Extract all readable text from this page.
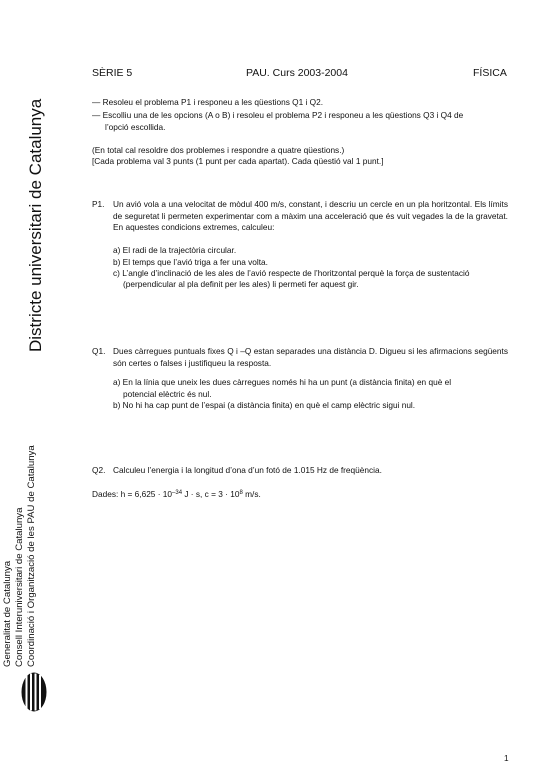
SÈRIE 5	PAU. Curs 2003-2004	FÍSICA
Districte universitari de Catalunya
Generalitat de Catalunya Consell Interuniversitari de Catalunya Coordinació i Organització de les PAU de Catalunya
— Resoleu el problema P1 i responeu a les qüestions Q1 i Q2.
— Escolliu una de les opcions (A o B) i resoleu el problema P2 i responeu a les qüestions Q3 i Q4 de
l’opció escollida.
(En total cal resoldre dos problemes i respondre a quatre qüestions.)
[Cada problema val 3 punts (1 punt per cada apartat). Cada qüestió val 1 punt.]
P1. Un avió vola a una velocitat de mòdul 400 m/s, constant, i descriu un cercle en un pla horitzontal. Els límits de seguretat li permeten experimentar com a màxim una acceleració que és vuit vegades la de la gravetat. En aquestes condicions extremes, calculeu:
a) El radi de la trajectòria circular.
b) El temps que l’avió triga a fer una volta.
c) L’angle d’inclinació de les ales de l’avió respecte de l’horitzontal perquè la força de sustentació
(perpendicular al pla definit per les ales) li permeti fer aquest gir.
Q1. Dues càrregues puntuals fixes Q i –Q estan separades una distància D. Digueu si les afirmacions següents són certes o falses i justifiqueu la resposta.
a) En la línia que uneix les dues càrregues només hi ha un punt (a distància finita) en què el
potencial elèctric és nul.
b) No hi ha cap punt de l’espai (a distància finita) en què el camp elèctric sigui nul.
Q2. Calculeu l’energia i la longitud d’ona d’un fotó de 1.015 Hz de freqüència.
Dades: $h = 6,625 \cdot 10^{-34}$ J · s, $c = 3 \cdot 10^8$ m/s.
1
